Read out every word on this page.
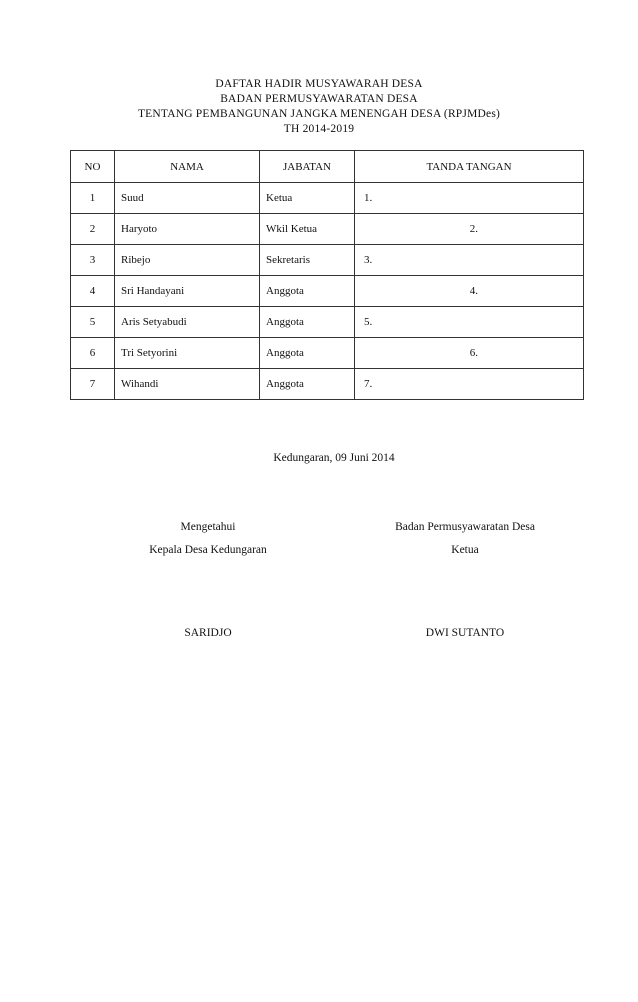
DAFTAR HADIR MUSYAWARAH DESA
BADAN PERMUSYAWARATAN DESA
TENTANG PEMBANGUNAN JANGKA MENENGAH DESA (RPJMDes)
TH 2014-2019
NO	NAMA	JABATAN	TANDA TANGAN
1	Suud	Ketua	1.
2	Haryoto	Wkil Ketua	2.
3	Ribejo	Sekretaris	3.
4	Sri Handayani	Anggota	4.
5	Aris Setyabudi	Anggota	5.
6	Tri Setyorini	Anggota	6.
7	Wihandi	Anggota	7.
Kedungaran, 09 Juni 2014
Mengetahui
Kepala Desa Kedungaran
SARIDJO
Badan Permusyawaratan Desa
Ketua
DWI SUTANTO
